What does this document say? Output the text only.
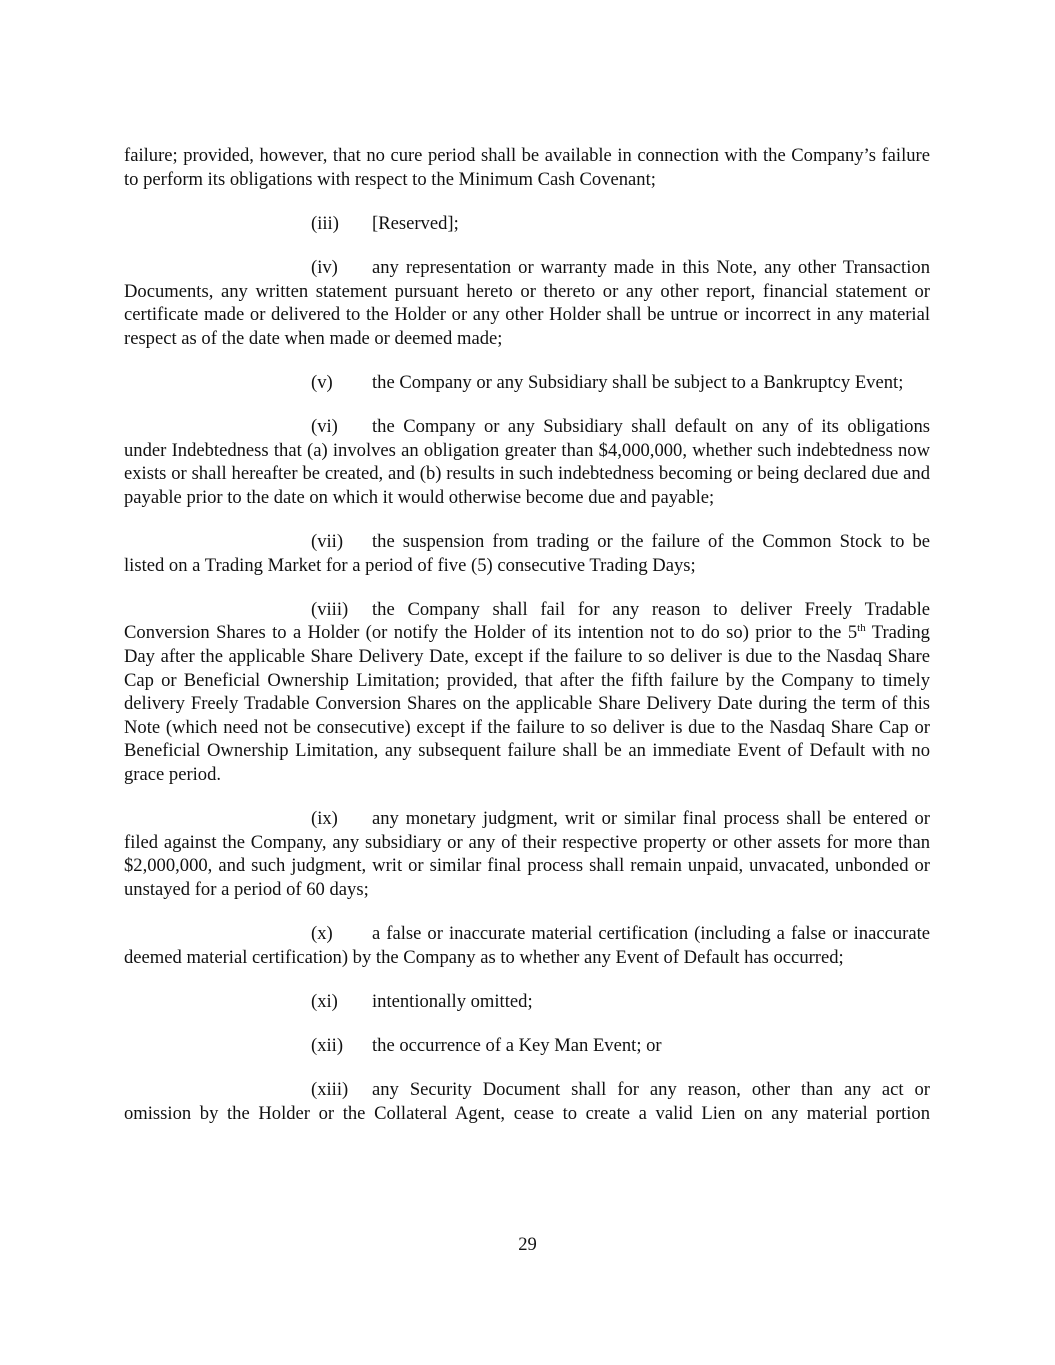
failure; provided, however, that no cure period shall be available in connection with the Company’s failure to perform its obligations with respect to the Minimum Cash Covenant;

(iii) [Reserved];

(iv) any representation or warranty made in this Note, any other Transaction Documents, any written statement pursuant hereto or thereto or any other report, financial statement or certificate made or delivered to the Holder or any other Holder shall be untrue or incorrect in any material respect as of the date when made or deemed made;

(v) the Company or any Subsidiary shall be subject to a Bankruptcy Event;

(vi) the Company or any Subsidiary shall default on any of its obligations under Indebtedness that (a) involves an obligation greater than $4,000,000, whether such indebtedness now exists or shall hereafter be created, and (b) results in such indebtedness becoming or being declared due and payable prior to the date on which it would otherwise become due and payable;

(vii) the suspension from trading or the failure of the Common Stock to be listed on a Trading Market for a period of five (5) consecutive Trading Days;

(viii) the Company shall fail for any reason to deliver Freely Tradable Conversion Shares to a Holder (or notify the Holder of its intention not to do so) prior to the 5th Trading Day after the applicable Share Delivery Date, except if the failure to so deliver is due to the Nasdaq Share Cap or Beneficial Ownership Limitation; provided, that after the fifth failure by the Company to timely delivery Freely Tradable Conversion Shares on the applicable Share Delivery Date during the term of this Note (which need not be consecutive) except if the failure to so deliver is due to the Nasdaq Share Cap or Beneficial Ownership Limitation, any subsequent failure shall be an immediate Event of Default with no grace period.

(ix) any monetary judgment, writ or similar final process shall be entered or filed against the Company, any subsidiary or any of their respective property or other assets for more than $2,000,000, and such judgment, writ or similar final process shall remain unpaid, unvacated, unbonded or unstayed for a period of 60 days;

(x) a false or inaccurate material certification (including a false or inaccurate deemed material certification) by the Company as to whether any Event of Default has occurred;

(xi) intentionally omitted;

(xii) the occurrence of a Key Man Event; or

(xiii) any Security Document shall for any reason, other than any act or omission by the Holder or the Collateral Agent, cease to create a valid Lien on any material portion

29
